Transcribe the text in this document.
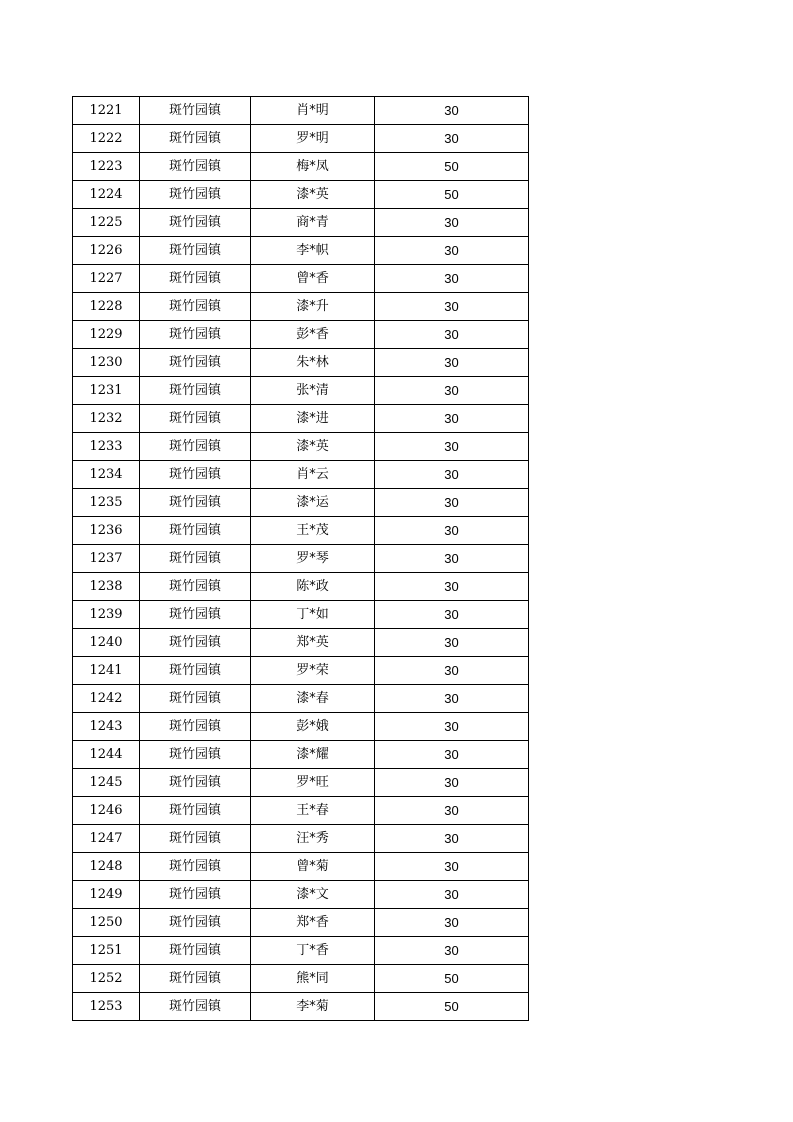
1221	斑竹园镇	肖*明	30
1222	斑竹园镇	罗*明	30
1223	斑竹园镇	梅*凤	50
1224	斑竹园镇	漆*英	50
1225	斑竹园镇	商*青	30
1226	斑竹园镇	李*帜	30
1227	斑竹园镇	曾*香	30
1228	斑竹园镇	漆*升	30
1229	斑竹园镇	彭*香	30
1230	斑竹园镇	朱*林	30
1231	斑竹园镇	张*清	30
1232	斑竹园镇	漆*进	30
1233	斑竹园镇	漆*英	30
1234	斑竹园镇	肖*云	30
1235	斑竹园镇	漆*运	30
1236	斑竹园镇	王*茂	30
1237	斑竹园镇	罗*琴	30
1238	斑竹园镇	陈*政	30
1239	斑竹园镇	丁*如	30
1240	斑竹园镇	郑*英	30
1241	斑竹园镇	罗*荣	30
1242	斑竹园镇	漆*春	30
1243	斑竹园镇	彭*娥	30
1244	斑竹园镇	漆*耀	30
1245	斑竹园镇	罗*旺	30
1246	斑竹园镇	王*春	30
1247	斑竹园镇	汪*秀	30
1248	斑竹园镇	曾*菊	30
1249	斑竹园镇	漆*文	30
1250	斑竹园镇	郑*香	30
1251	斑竹园镇	丁*香	30
1252	斑竹园镇	熊*同	50
1253	斑竹园镇	李*菊	50
